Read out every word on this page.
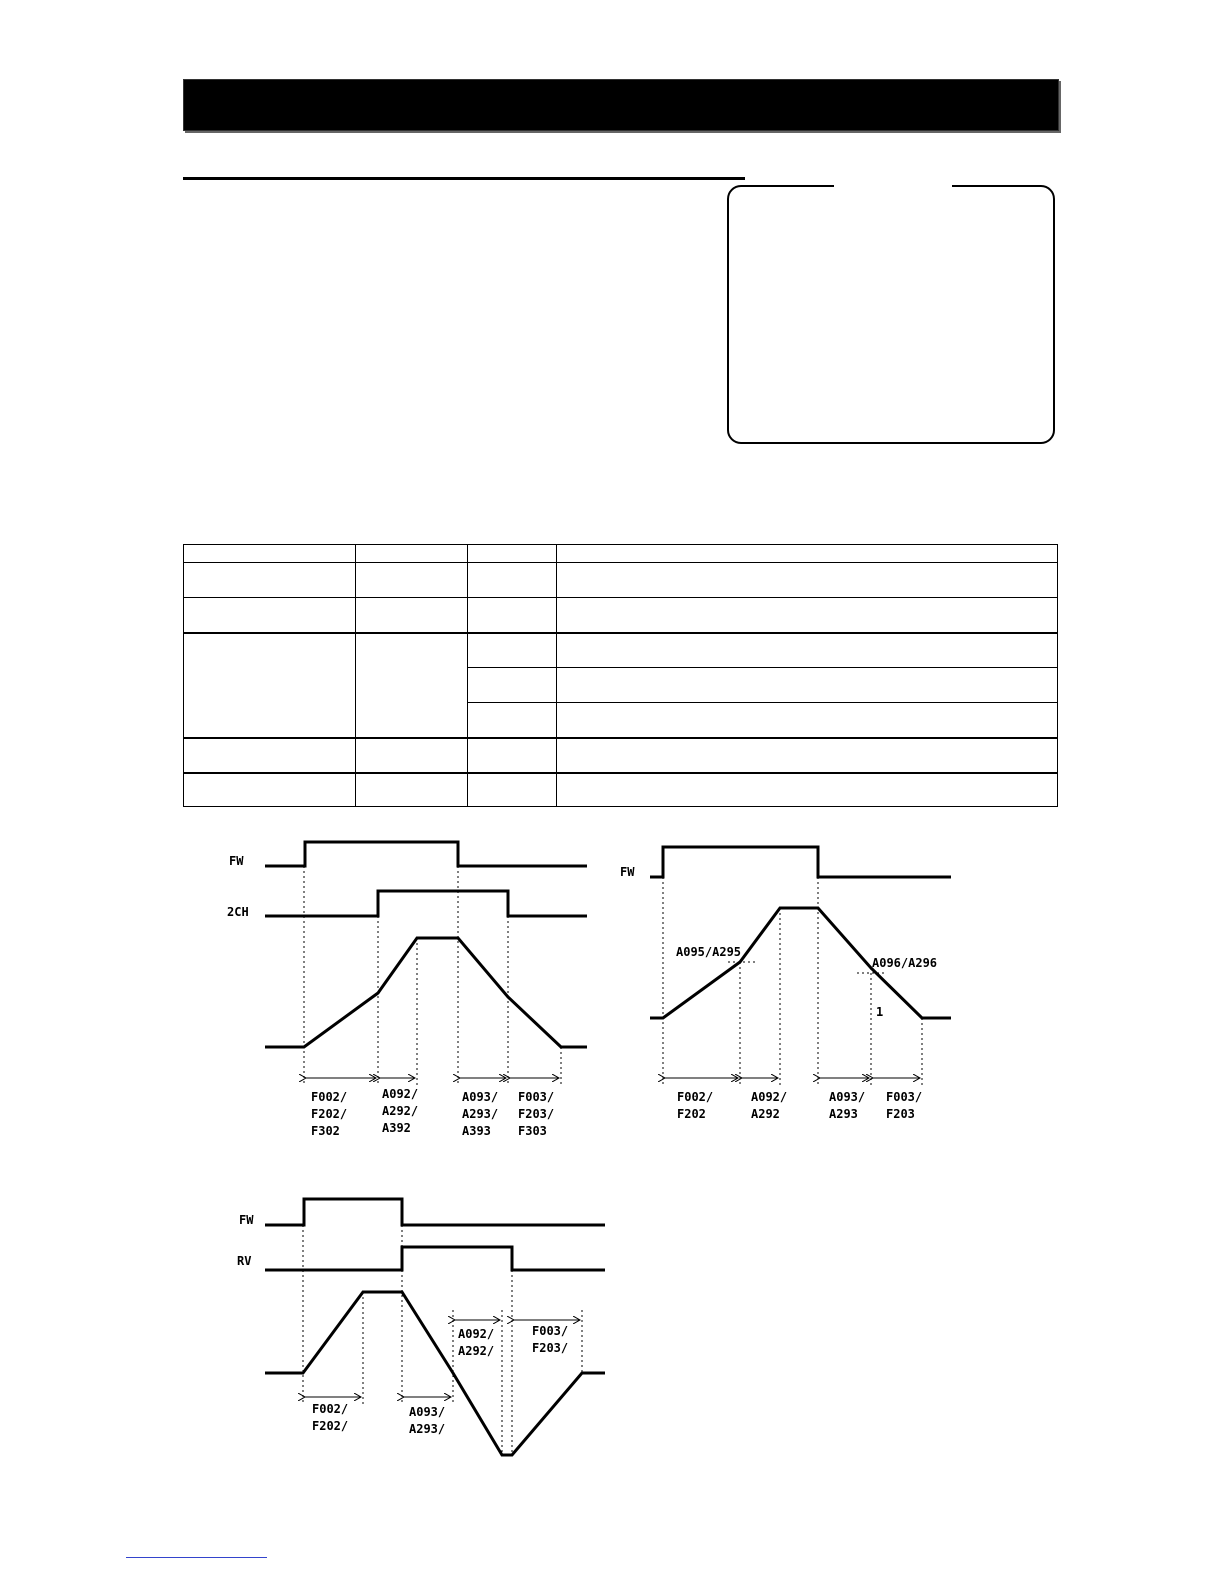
FW
2CH
F002/
F202/
F302
A092/
A292/
A392
A093/
A293/
A393
F003/
F203/
F303
FW
A095/A295
A096/A296
1
F002/
F202
A092/
A292
A093/
A293
F003/
F203
FW
RV
F002/
F202/
A093/
A293/
A092/
A292/
F003/
F203/
